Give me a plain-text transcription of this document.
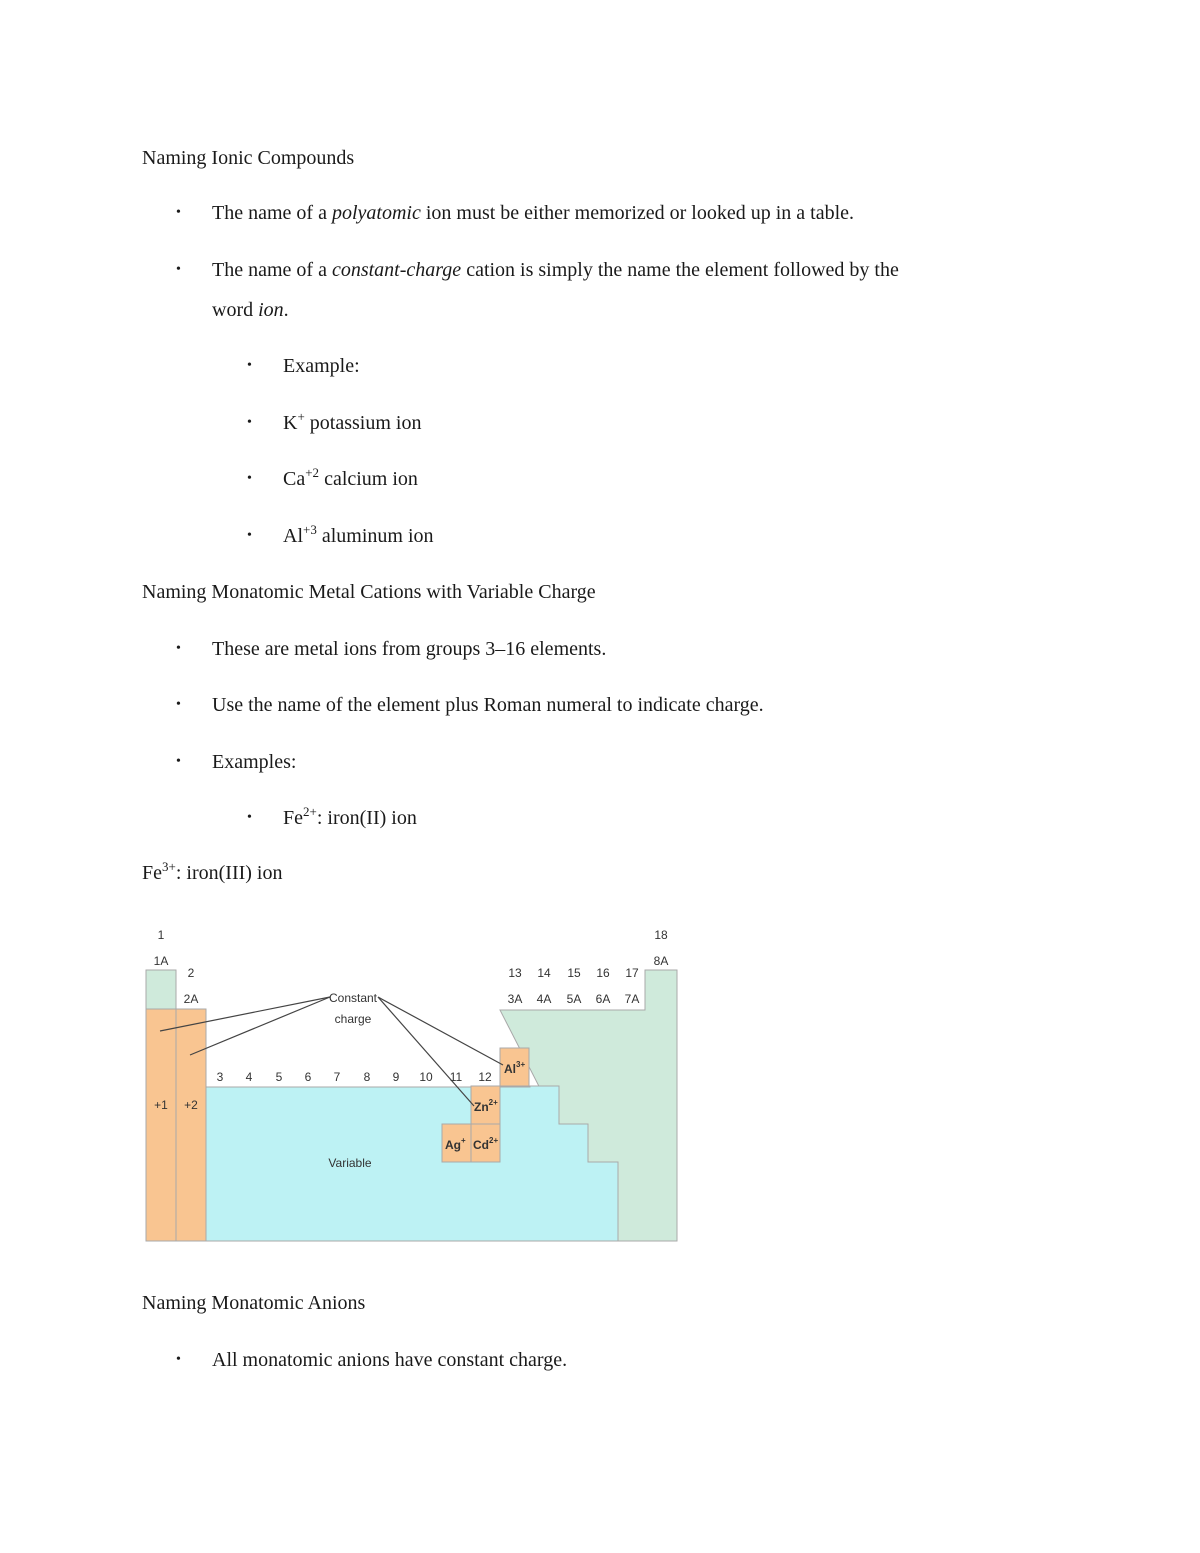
Naming Ionic Compounds
• The name of a polyatomic ion must be either memorized or looked up in a table.
• The name of a constant-charge cation is simply the name the element followed by the
word ion.
• Example:
• K+ potassium ion
• $Ca^{+2}$ calcium ion
• $Al^{+3}$ aluminum ion
Naming Monatomic Metal Cations with Variable Charge
• These are metal ions from groups 3–16 elements.
• Use the name of the element plus Roman numeral to indicate charge.
• Examples:
• $Fe^{2+}$: iron(II) ion
$Fe^{3+}$: iron(III) ion
1
1A
2
2A
18
8A
13
3A
14
4A
15
5A
16
6A
17
7A
3 4 5 6 7 8 9 10 11 12
Constant
charge
+1 +2
Variable
$Al^{3+}$
$Zn^{2+}$
Ag+ $Cd^{2+}$
Naming Monatomic Anions
• All monatomic anions have constant charge.
